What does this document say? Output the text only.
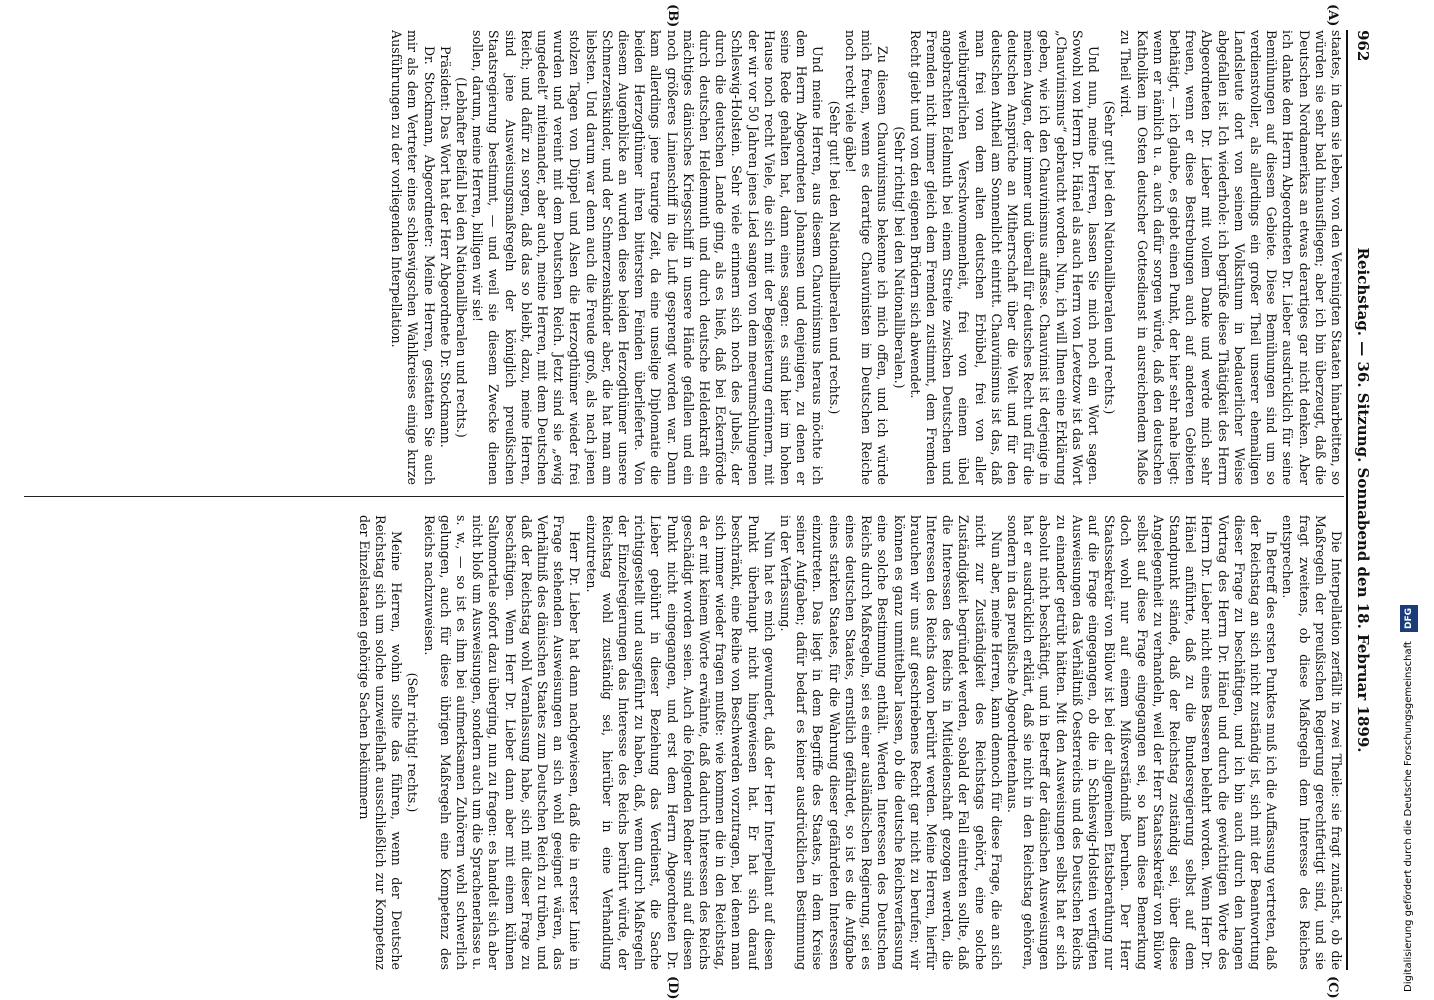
962
Reichstag. — 36. Sitzung. Sonnabend den 18. Februar 1899.
(A)
(B)
(C)
(D)

staates, in dem sie leben, von den Vereinigten Staaten hinarbeitten, so würden sie sehr bald hinausfliegen; aber ich bin überzeugt, daß die Deutschen Nordamerikas an etwas derartiges gar nicht denken. Aber ich danke dem Herrn Abgeordneten Dr. Lieber ausdrücklich für seine Bemühungen auf diesem Gebiete. Diese Bemühungen sind um so verdienstvoller, als allerdings ein großer Theil unserer ehemaligen Landsleute dort von seinem Volksthum in bedauerlicher Weise abgefallen ist. Ich wiederhole: ich begrüße diese Thätigkeit des Herrn Abgeordneten Dr. Lieber mit vollem Danke und werde mich sehr freuen, wenn er diese Bestrebungen auch auf anderen Gebieten bethätigt, — ich glaube, es giebt einen Punkt, der hier sehr nahe liegt: wenn er nämlich u. a. auch dafür sorgen würde, daß den deutschen Katholiken im Osten deutscher Gottesdienst in ausreichendem Maße zu Theil wird.

(Sehr gut! bei den Nationalliberalen und rechts.)

Und nun, meine Herren, lassen Sie mich noch ein Wort sagen. Sowohl von Herrn Dr. Hänel als auch Herrn von Levetzow ist das Wort „Chauvinismus“ gebraucht worden. Nun, ich will Ihnen eine Erklärung geben, wie ich den Chauvinismus auffasse. Chauvinist ist derjenige in meinen Augen, der immer und überall für deutsches Recht und für die deutschen Ansprüche an Mitherrschaft über die Welt und für den deutschen Antheil am Sonnenlicht eintritt. Chauvinismus ist das, daß man frei von dem alten deutschen Erbübel, frei von aller weltbürgerlichen Verschwommenheit, frei von einem übel angebrachten Edelmuth bei einem Streite zwischen Deutschen und Fremden nicht immer gleich dem Fremden zustimmt, dem Fremden Recht giebt und von den eigenen Brüdern sich abwendet.

(Sehr richtig! bei den Nationalliberalen.)

Zu diesem Chauvinismus bekenne ich mich offen, und ich würde mich freuen, wenn es derartige Chauvinisten im Deutschen Reiche noch recht viele gäbe!

(Sehr gut! bei den Nationalliberalen und rechts.)

Und meine Herren, aus diesem Chauvinismus heraus möchte ich dem Herrn Abgeordneten Johannsen und denjenigen, zu denen er seine Rede gehalten hat, dann eines sagen: es sind hier im hohen Hause noch recht Viele, die sich mit der Begeisterung erinnern, mit der wir vor 50 Jahren jenes Lied sangen von dem meerumschlungenen Schleswig-Holstein. Sehr viele erinnern sich noch des Jubels, der durch die deutschen Lande ging, als es hieß, daß bei Eckernförde durch deutschen Heldenmuth und durch deutsche Heldenkraft ein mächtiges dänisches Kriegsschiff in unsere Hände gefallen und ein noch größeres Linienschiff in die Luft gesprengt worden war. Dann kam allerdings jene traurige Zeit, da eine unselige Diplomatie die beiden Herzogthümer ihren bitterstem Feinden überlieferte. Von diesem Augenblicke an wurden diese beiden Herzogthümer unsere Schmerzenskinder, und der Schmerzenskinder aber, die hat man am liebsten. Und darum war denn auch die Freude groß, als nach jenen stolzen Tagen von Düppel und Alsen die Herzogthümer wieder frei wurden und vereint mit dem Deutschen Reich. Jetzt sind sie „ewig ungedeelt“ miteinander, aber auch, meine Herren, mit dem Deutschen Reich; und dafür zu sorgen, daß das so bleibt, dazu, meine Herren, sind jene Ausweisungsmaßregeln der königlich preußischen Staatsregierung bestimmt, — und weil sie diesem Zwecke dienen sollen, darum, meine Herren, billigen wir sie!

(Lebhafter Beifall bei den Nationalliberalen und rechts.)

Präsident: Das Wort hat der Herr Abgeordnete Dr. Stockmann.

Dr. Stockmann, Abgeordneter: Meine Herren, gestatten Sie auch mir als dem Vertreter eines schleswigschen Wahlkreises einige kurze Ausführungen zu der vorliegenden Interpellation.

Die Interpellation zerfällt in zwei Theile: sie fragt zunächst, ob die Maßregeln der preußischen Regierung gerechtfertigt sind, und sie fragt zweitens, ob diese Maßregeln dem Interesse des Reiches entsprechen.

In Betreff des ersten Punktes muß ich die Auffassung vertreten, daß der Reichstag an sich nicht zuständig ist, sich mit der Beantwortung dieser Frage zu beschäftigen, und ich bin auch durch den langen Vortrag des Herrn Dr. Hänel und durch die gewichtigen Worte des Herrn Dr. Lieber nicht eines Besseren belehrt worden. Wenn Herr Dr. Hänel anführte, daß zu die Bundesregierung selbst auf dem Standpunkt stände, daß der Reichstag zuständig sei, über diese Angelegenheit zu verhandeln, weil der Herr Staatssekretär von Bülow selbst auf diese Frage eingegangen sei, so kann diese Bemerkung doch wohl nur auf einem Mißverständniß beruhen. Der Herr Staatssekretär von Bülow ist bei der allgemeinen Etatsberathung nur auf die Frage eingegangen, ob die in Schleswig-Holstein verfügten Ausweisungen das Verhältniß Oesterreichs und des Deutschen Reichs zu einander getrübt hätten. Mit den Ausweisungen selbst hat er sich absolut nicht beschäftigt, und in Betreff der dänischen Ausweisungen hat er ausdrücklich erklärt, daß sie nicht in den Reichstag gehören, sondern in das preußische Abgeordnetenhaus.

Nun aber, meine Herren, kann dennoch für diese Frage, die an sich nicht zur Zuständigkeit des Reichstags gehört, eine solche Zuständigkeit begründet werden, sobald der Fall eintreten sollte, daß die Interessen des Reichs in Mitleidenschaft gezogen werden, die Interessen des Reichs davon berührt werden. Meine Herren, hierfür brauchen wir uns auf geschriebenes Recht gar nicht zu berufen; wir können es ganz unmittelbar lassen, ob die deutsche Reichsverfassung eine solche Bestimmung enthält. Werden Interessen des Deutschen Reichs durch Maßregeln, sei es einer ausländischen Regierung, sei es eines deutschen Staates, ernstlich gefährdet, so ist es die Aufgabe eines starken Staates, für die Wahrung dieser gefährdeten Interessen einzutreten. Das liegt in dem Begriffe des Staates, in dem Kreise seiner Aufgaben; dafür bedarf es keiner ausdrücklichen Bestimmung in der Verfassung.

Nun hat es mich gewundert, daß der Herr Interpellant auf diesen Punkt überhaupt nicht hingewiesen hat. Er hat sich darauf beschränkt, eine Reihe von Beschwerden vorzutragen, bei denen man sich immer wieder fragen mußte: wie kommen die in den Reichstag, da er mit keinem Worte erwähnte, daß dadurch Interessen des Reichs geschädigt worden seien. Auch die folgenden Redner sind auf diesen Punkt nicht eingegangen, und erst dem Herrn Abgeordneten Dr. Lieber gebührt in dieser Beziehung das Verdienst, die Sache richtiggestellt und ausgeführt zu haben, daß, wenn durch Maßregeln der Einzelregierungen das Interesse des Reichs berührt würde, der Reichstag wohl zuständig sei, hierüber in eine Verhandlung einzutreten.

Herr Dr. Lieber hat dann nachgewiesen, daß die in erster Linie in Frage stehenden Ausweisungen an sich wohl geeignet wären, das Verhältniß des dänischen Staates zum Deutschen Reich zu trüben, und daß der Reichstag wohl Veranlassung habe, sich mit dieser Frage zu beschäftigen. Wenn Herr Dr. Lieber dann aber mit einem kühnen Saltomortale sofort dazu überging, nun zu fragen: es handelt sich aber nicht bloß um Ausweisungen, sondern auch um die Sprachenerlasse u. s. w., — so ist es ihm bei aufmerksamen Zuhörern wohl schwerlich gelungen, auch für diese übrigen Maßregeln eine Kompetenz des Reichs nachzuweisen.

(Sehr richtig! rechts.)

Meine Herren, wohin sollte das führen, wenn der Deutsche Reichstag sich um solche unzweifelhaft ausschließlich zur Kompetenz der Einzelstaaten gehörige Sachen bekümmern	Digitalisierung gefördert durch die Deutsche Forschungsgemeinschaft DFG
